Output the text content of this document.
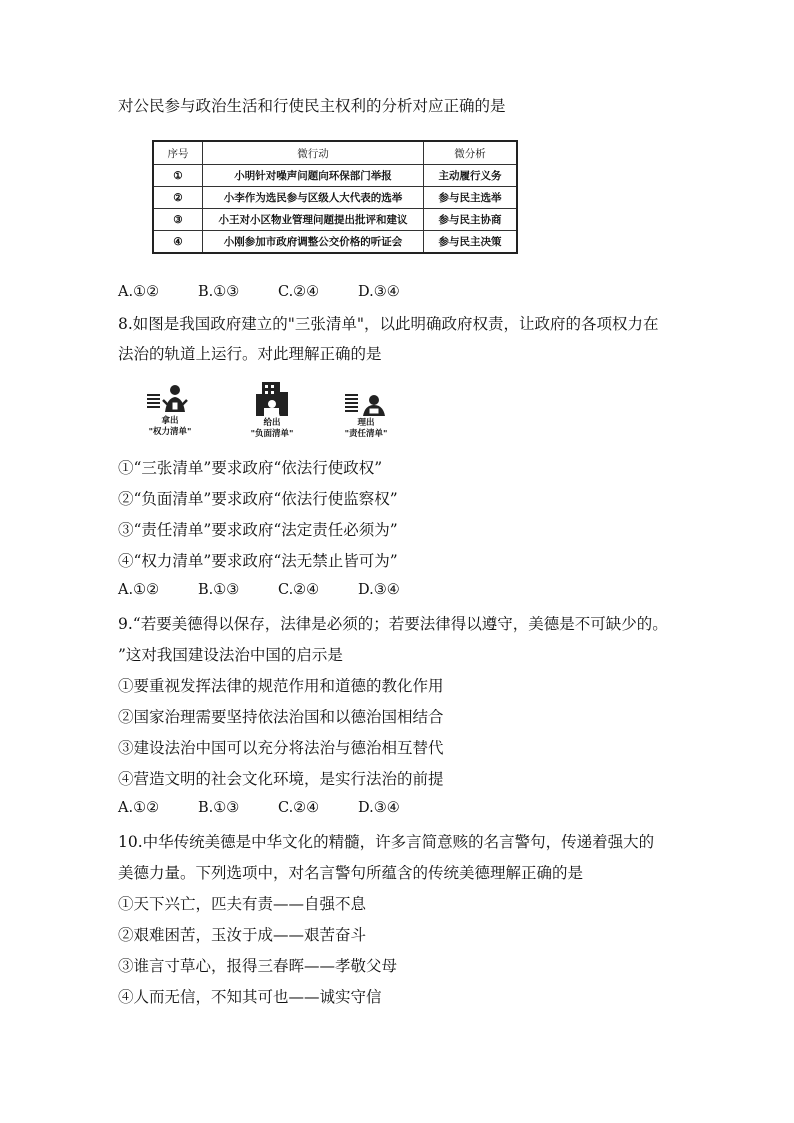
对公民参与政治生活和行使民主权利的分析对应正确的是
序号	微行动	微分析
①	小明针对噪声问题向环保部门举报	主动履行义务
②	小李作为选民参与区级人大代表的选举	参与民主选举
③	小王对小区物业管理问题提出批评和建议	参与民主协商
④	小刚参加市政府调整公交价格的听证会	参与民主决策
A.①②	B.①③	C.②④	D.③④
8.如图是我国政府建立的"三张清单"，以此明确政府权责，让政府的各项权力在
法治的轨道上运行。对此理解正确的是
拿出
"权力清单"
给出
"负面清单"
理出
"责任清单"
①“三张清单”要求政府“依法行使政权”
②“负面清单”要求政府“依法行使监察权”
③“责任清单”要求政府“法定责任必须为”
④“权力清单”要求政府“法无禁止皆可为”
A.①②	B.①③	C.②④	D.③④
9.“若要美德得以保存，法律是必须的；若要法律得以遵守，美德是不可缺少的。
”这对我国建设法治中国的启示是
①要重视发挥法律的规范作用和道德的教化作用
②国家治理需要坚持依法治国和以德治国相结合
③建设法治中国可以充分将法治与德治相互替代
④营造文明的社会文化环境，是实行法治的前提
A.①②	B.①③	C.②④	D.③④
10.中华传统美德是中华文化的精髓，许多言简意赅的名言警句，传递着强大的
美德力量。下列选项中，对名言警句所蕴含的传统美德理解正确的是
①天下兴亡，匹夫有责——自强不息
②艰难困苦，玉汝于成——艰苦奋斗
③谁言寸草心，报得三春晖——孝敬父母
④人而无信，不知其可也——诚实守信
